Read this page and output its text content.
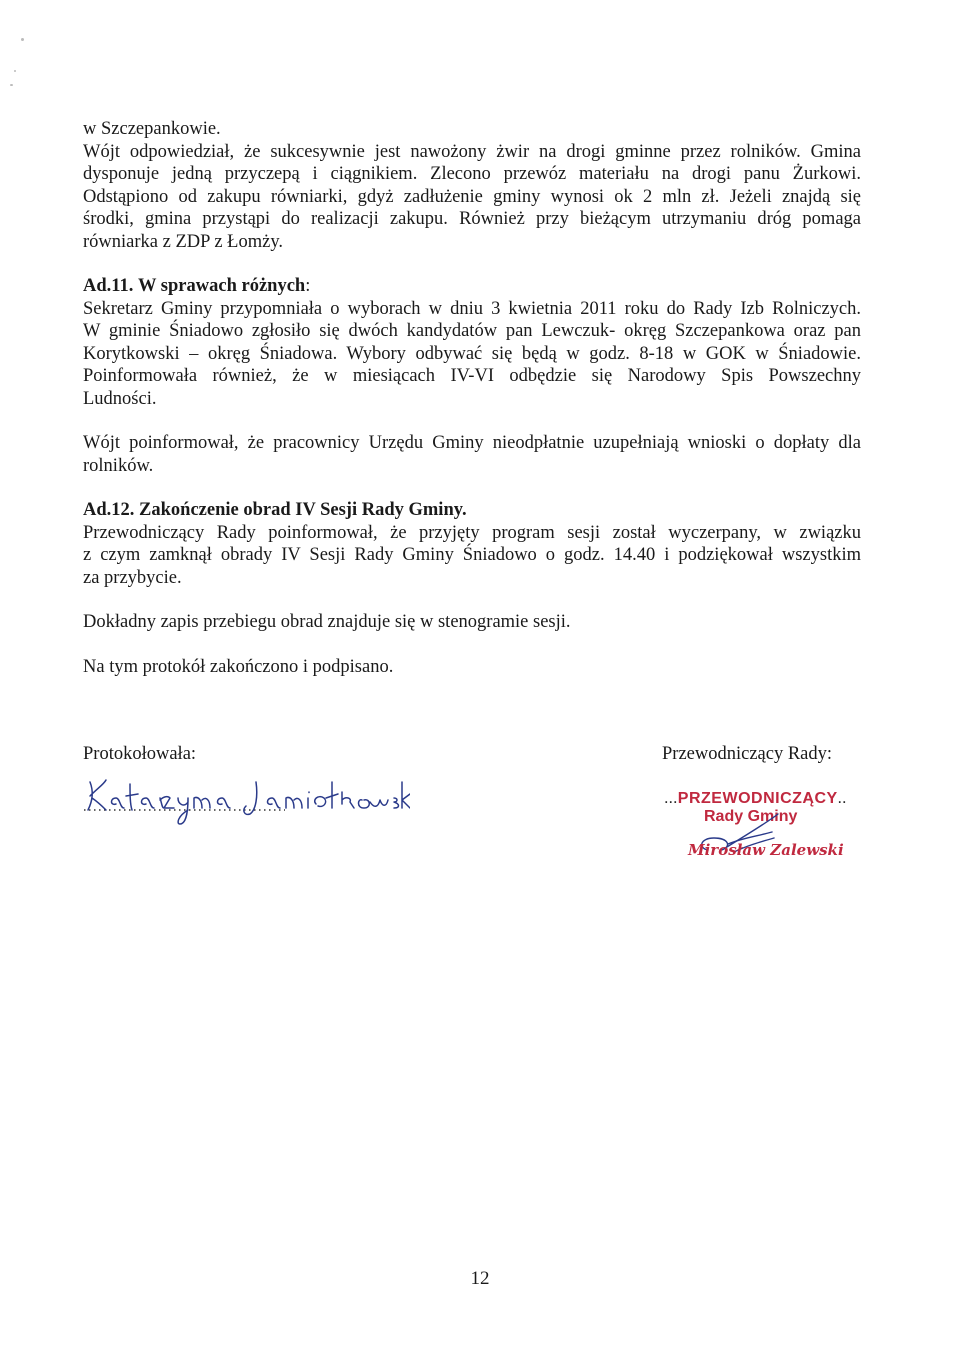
w Szczepankowie.
Wójt odpowiedział, że sukcesywnie jest nawożony żwir na drogi gminne przez rolników. Gmina
dysponuje jedną przyczepą i ciągnikiem. Zlecono przewóz materiału na drogi panu Żurkowi.
Odstąpiono od zakupu równiarki, gdyż zadłużenie gminy wynosi ok 2 mln zł. Jeżeli znajdą się
środki, gmina przystąpi do realizacji zakupu. Również przy bieżącym utrzymaniu dróg pomaga
równiarka z ZDP z Łomży.
Ad.11. W sprawach różnych:
Sekretarz Gminy przypomniała o wyborach w dniu 3 kwietnia 2011 roku do Rady Izb Rolniczych.
W gminie Śniadowo zgłosiło się dwóch kandydatów pan Lewczuk- okręg Szczepankowa oraz pan
Korytkowski – okręg Śniadowa. Wybory odbywać się będą w godz. 8-18 w GOK w Śniadowie.
Poinformowała również, że w miesiącach IV-VI odbędzie się Narodowy Spis Powszechny
Ludności.
Wójt poinformował, że pracownicy Urzędu Gminy nieodpłatnie uzupełniają wnioski o dopłaty dla
rolników.
Ad.12. Zakończenie obrad IV Sesji Rady Gminy.
Przewodniczący Rady poinformował, że przyjęty program sesji został wyczerpany, w związku
z czym zamknął obrady IV Sesji Rady Gminy Śniadowo o godz. 14.40 i podziękował wszystkim
za przybycie.
Dokładny zapis przebiegu obrad znajduje się w stenogramie sesji.
Na tym protokół zakończono i podpisano.
Protokołowała:	Przewodniczący Rady:
...PRZEWODNICZĄCY..
Rady Gminy
Mirosław Zalewski
12
